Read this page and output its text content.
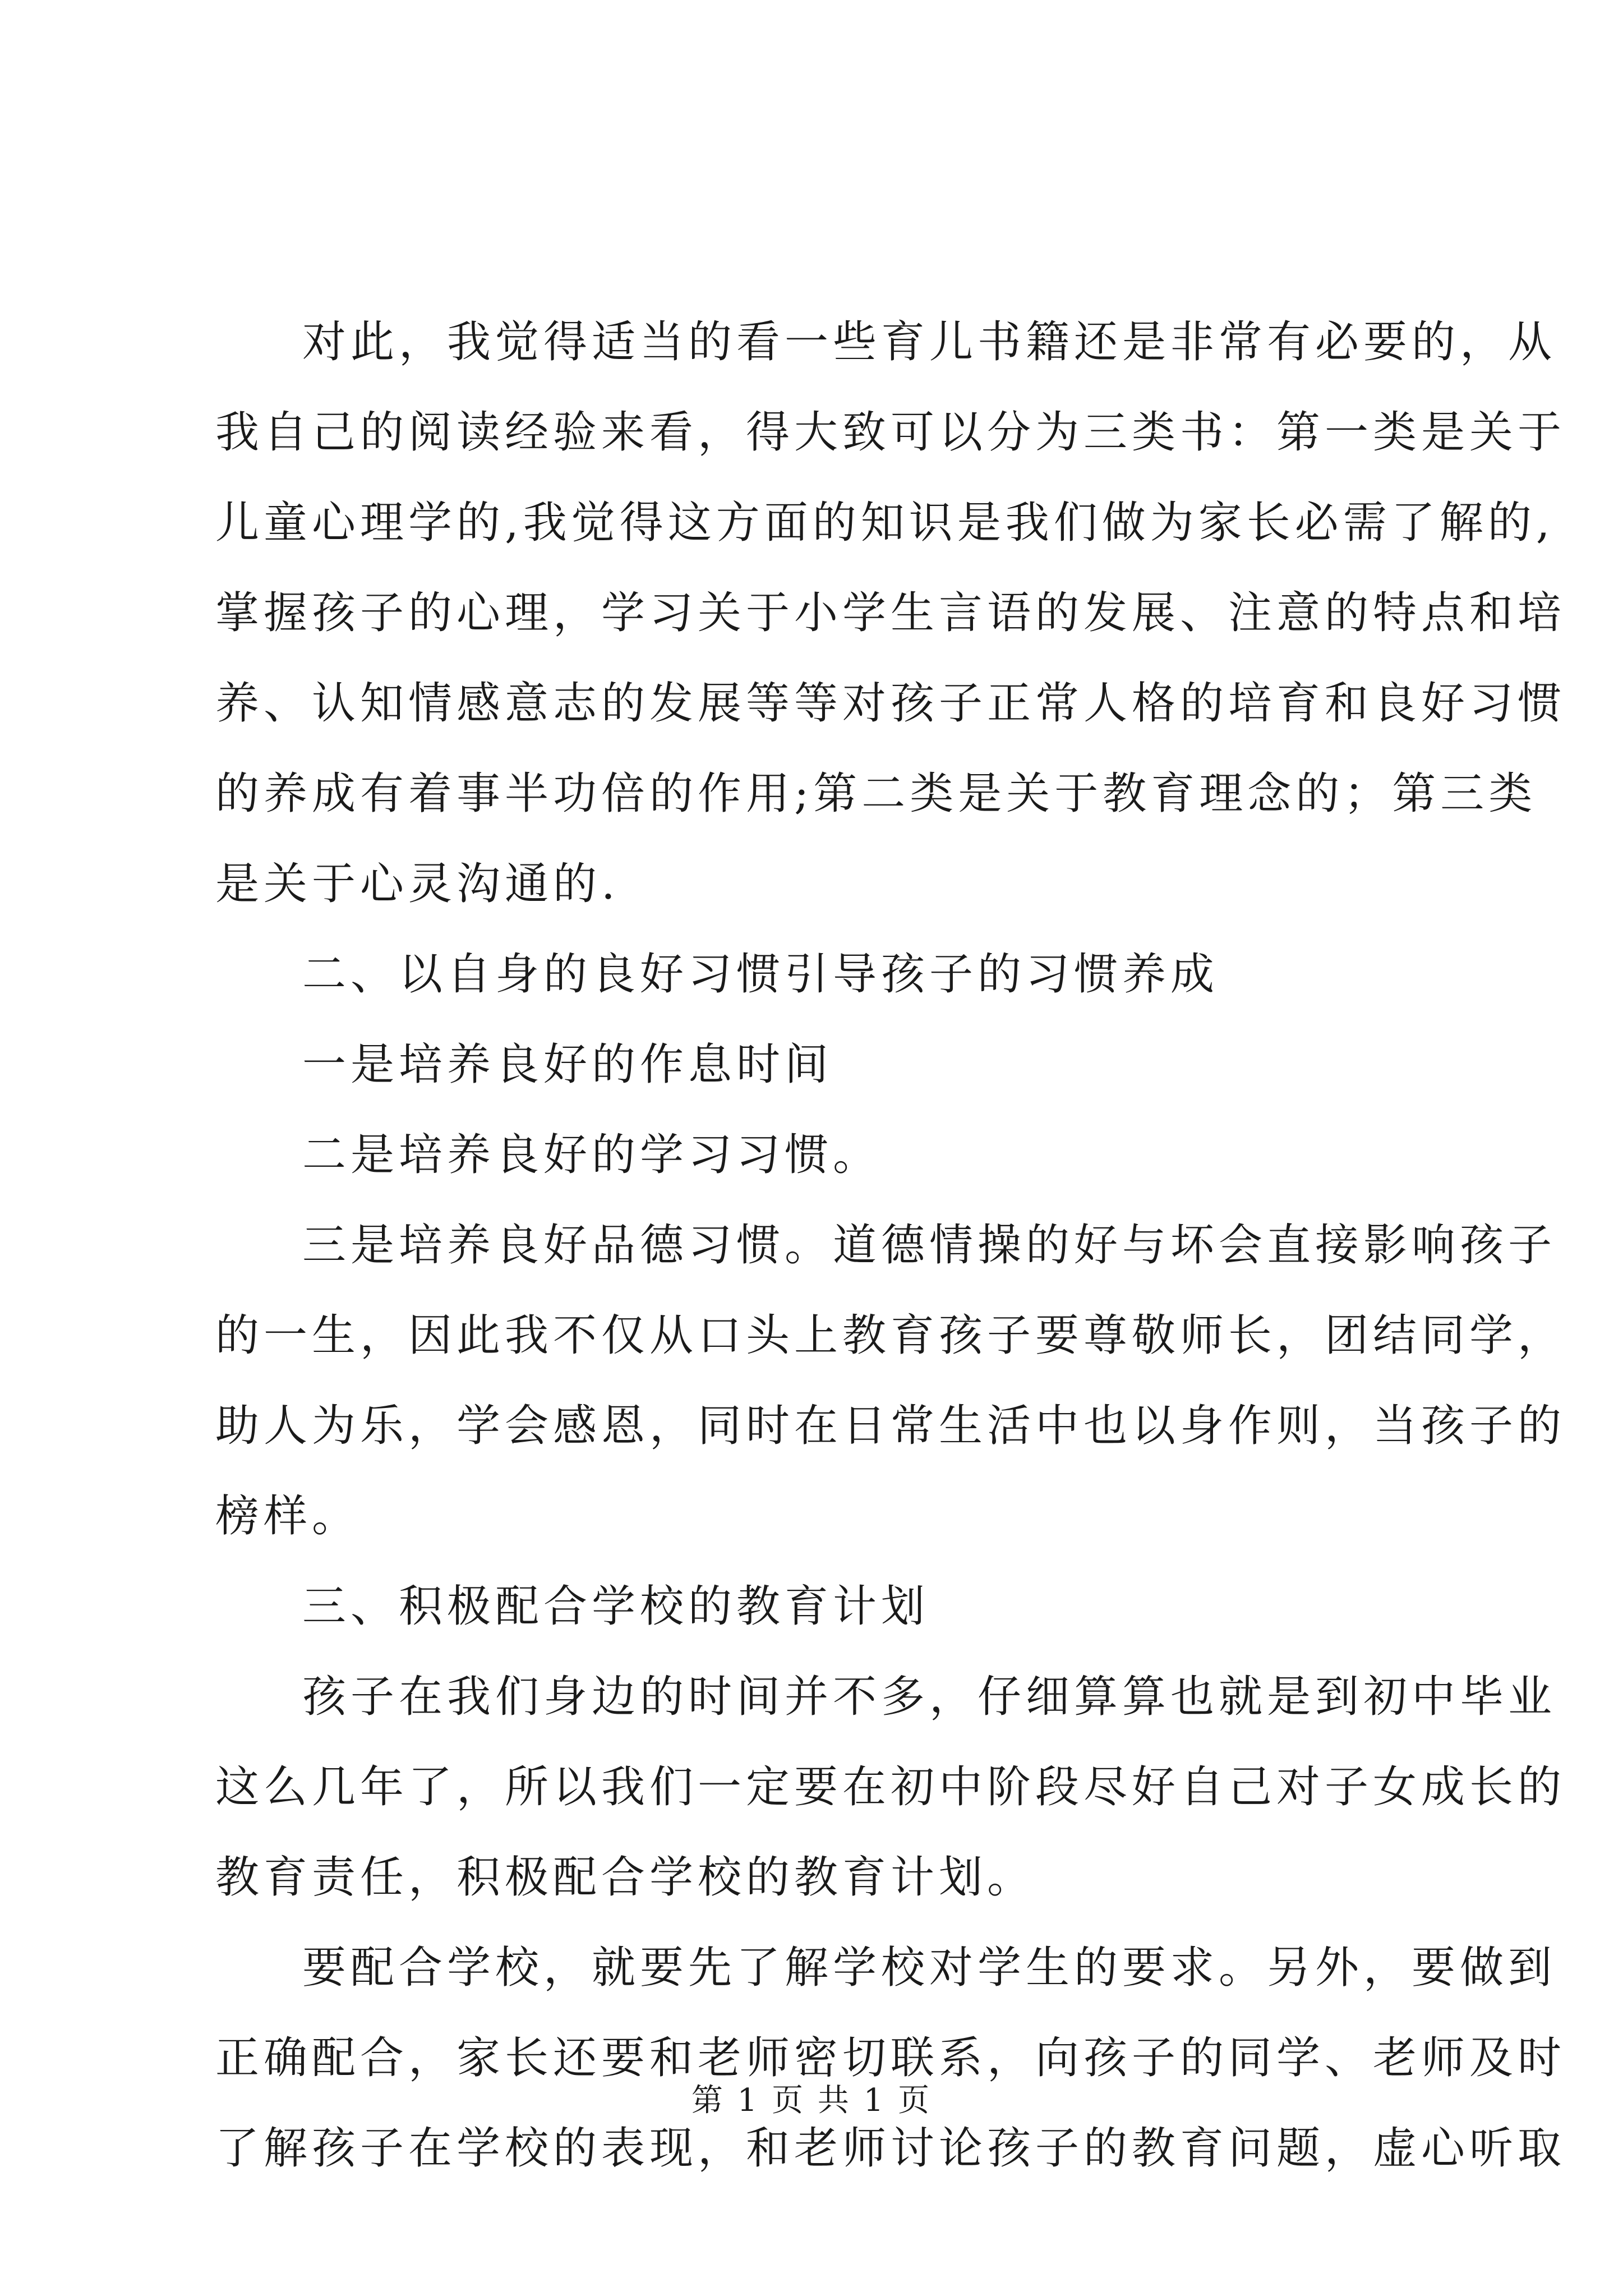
对此，我觉得适当的看一些育儿书籍还是非常有必要的，从
我自己的阅读经验来看，得大致可以分为三类书：第一类是关于
儿童心理学的,我觉得这方面的知识是我们做为家长必需了解的,
掌握孩子的心理，学习关于小学生言语的发展、注意的特点和培
养、认知情感意志的发展等等对孩子正常人格的培育和良好习惯
的养成有着事半功倍的作用;第二类是关于教育理念的；第三类
是关于心灵沟通的.
二、以自身的良好习惯引导孩子的习惯养成
一是培养良好的作息时间
二是培养良好的学习习惯。
三是培养良好品德习惯。道德情操的好与坏会直接影响孩子
的一生，因此我不仅从口头上教育孩子要尊敬师长，团结同学，
助人为乐，学会感恩，同时在日常生活中也以身作则，当孩子的
榜样。
三、积极配合学校的教育计划
孩子在我们身边的时间并不多，仔细算算也就是到初中毕业
这么几年了，所以我们一定要在初中阶段尽好自己对子女成长的
教育责任，积极配合学校的教育计划。
要配合学校，就要先了解学校对学生的要求。另外，要做到
正确配合，家长还要和老师密切联系，向孩子的同学、老师及时
了解孩子在学校的表现，和老师讨论孩子的教育问题，虚心听取
第 1 页 共 1 页
